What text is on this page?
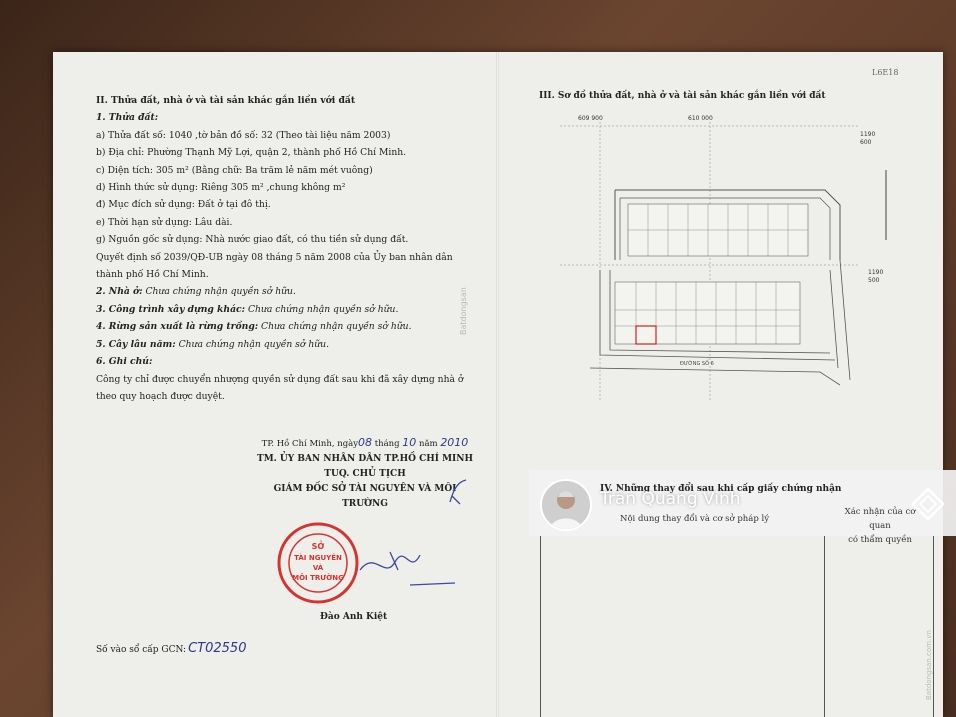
L6E18

II. Thửa đất, nhà ở và tài sản khác gắn liền với đất

1. Thửa đất:

a) Thửa đất số: 1040 ,tờ bản đồ số: 32 (Theo tài liệu năm 2003)

b) Địa chỉ: Phường Thạnh Mỹ Lợi, quận 2, thành phố Hồ Chí Minh.

c) Diện tích: 305 m² (Bằng chữ: Ba trăm lẻ năm mét vuông)

d) Hình thức sử dụng: Riêng 305 m² ,chung không m²

đ) Mục đích sử dụng: Đất ở tại đô thị.

e) Thời hạn sử dụng: Lâu dài.

g) Nguồn gốc sử dụng: Nhà nước giao đất, có thu tiền sử dụng đất.

Quyết định số 2039/QĐ-UB ngày 08 tháng 5 năm 2008 của Ủy ban nhân dân

thành phố Hồ Chí Minh.

2. Nhà ở: Chưa chứng nhận quyền sở hữu.

3. Công trình xây dựng khác: Chưa chứng nhận quyền sở hữu.

4. Rừng sản xuất là rừng trồng: Chưa chứng nhận quyền sở hữu.

5. Cây lâu năm: Chưa chứng nhận quyền sở hữu.

6. Ghi chú:

Công ty chỉ được chuyển nhượng quyền sử dụng đất sau khi đã xây dựng nhà ở

theo quy hoạch được duyệt.

TP. Hồ Chí Minh, ngày08 tháng 10 năm 2010
TM. ỦY BAN NHÂN DÂN TP.HỒ CHÍ MINH
TUQ. CHỦ TỊCH
GIÁM ĐỐC SỞ TÀI NGUYÊN VÀ MÔI TRƯỜNG
SỞ
TÀI NGUYÊN
VÀ
MÔI TRƯỜNG
Đào Anh Kiệt
Số vào sổ cấp GCN: CT02550
Batdongsan
III. Sơ đồ thửa đất, nhà ở và tài sản khác gắn liền với đất
609 900	610 000
1190
600
1190
500
ĐƯỜNG SỐ 6
IV. Những thay đổi sau khi cấp giấy chứng nhận
Nội dung thay đổi và cơ sở pháp lý
Xác nhận của cơ quan
có thẩm quyền
Trần Quang Vinh
Batdongsan.com.vn
